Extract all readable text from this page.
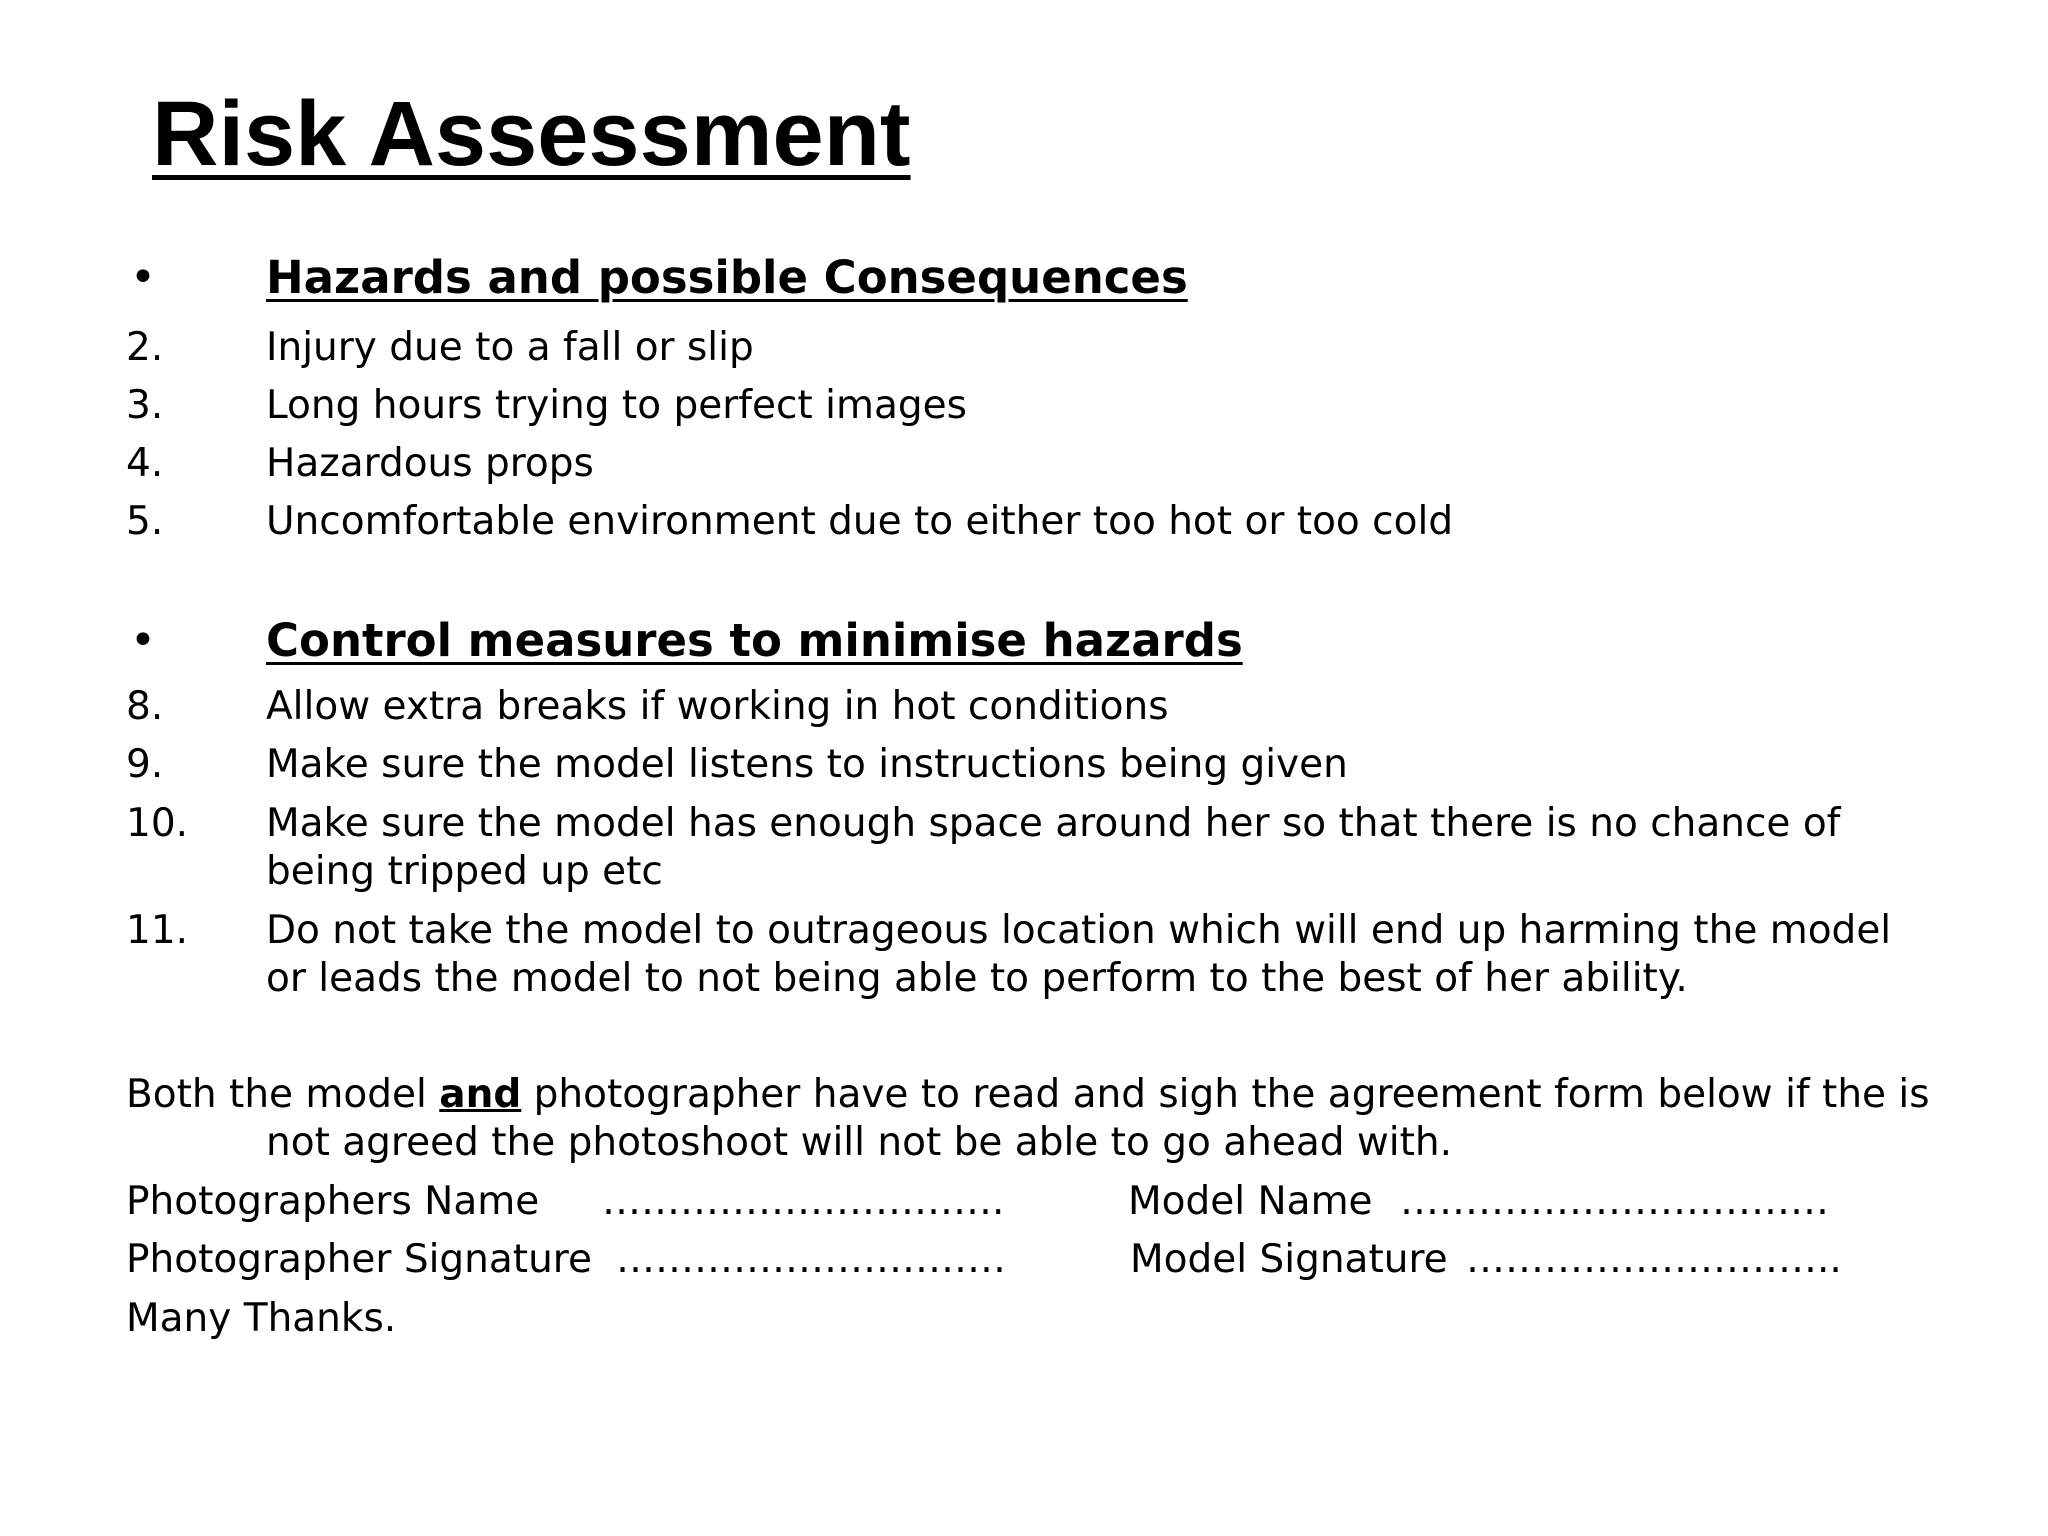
Risk Assessment
• Hazards and possible Consequences
2.	Injury due to a fall or slip
3.	Long hours trying to perfect images
4.	Hazardous props
5.	Uncomfortable environment due to either too hot or too cold
• Control measures to minimise hazards
8.	Allow extra breaks if working in hot conditions
9.	Make sure the model listens to instructions being given
10.	Make sure the model has enough space around her so that there is no chance of
being tripped up etc
11.	Do not take the model to outrageous location which will end up harming the model
or leads the model to not being able to perform to the best of her ability.
Both the model and photographer have to read and sigh the agreement form below if the is
not agreed the photoshoot will not be able to go ahead with.
Photographers Name ………………………….	Model Name ……………………………
Photographer Signature …………………………	Model Signature ………………………..
Many Thanks.
